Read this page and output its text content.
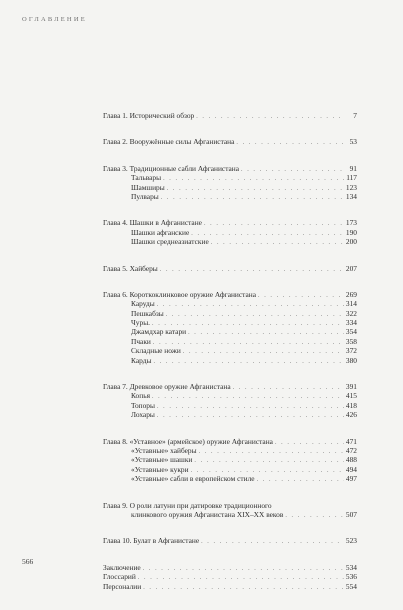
ОГЛАВЛЕНИЕ
Глава 1. Исторический обзор . . .	7
Глава 2. Вооружённые силы Афганистана . . .	53
Глава 3. Традиционные сабли Афганистана . . .	91
Тальвары . . .	117
Шамширы . . .	123
Пулвары . . .	134
Глава 4. Шашки в Афганистане . . .	173
Шашки афганские . . .	190
Шашки среднеазиатские . . .	200
Глава 5. Хайберы . . .	207
Глава 6. Короткоклинковое оружие Афганистана . . .	269
Каруды . . .	314
Пешкабзы . . .	322
Чуры. . . .	334
Джамдхар катари . . .	354
Пчаки . . .	358
Складные ножи . . .	372
Карды . . .	380
Глава 7. Древковое оружие Афганистана . . .	391
Копья . . .	415
Топоры . . .	418
Лохары . . .	426
Глава 8. «Уставное» (армейское) оружие Афганистана . . .	471
«Уставные» хайберы . . .	472
«Уставные» шашки . . .	488
«Уставные» кукри . . .	494
«Уставные» сабли в европейском стиле . . .	497
Глава 9. О роли латуни при датировке традиционного
клинкового оружия Афганистана XIX–XX веков . . .	507
Глава 10. Булат в Афганистане . . .	523
Заключение . . .	534
Глоссарий . . .	536
Персоналии . . .	554
566
